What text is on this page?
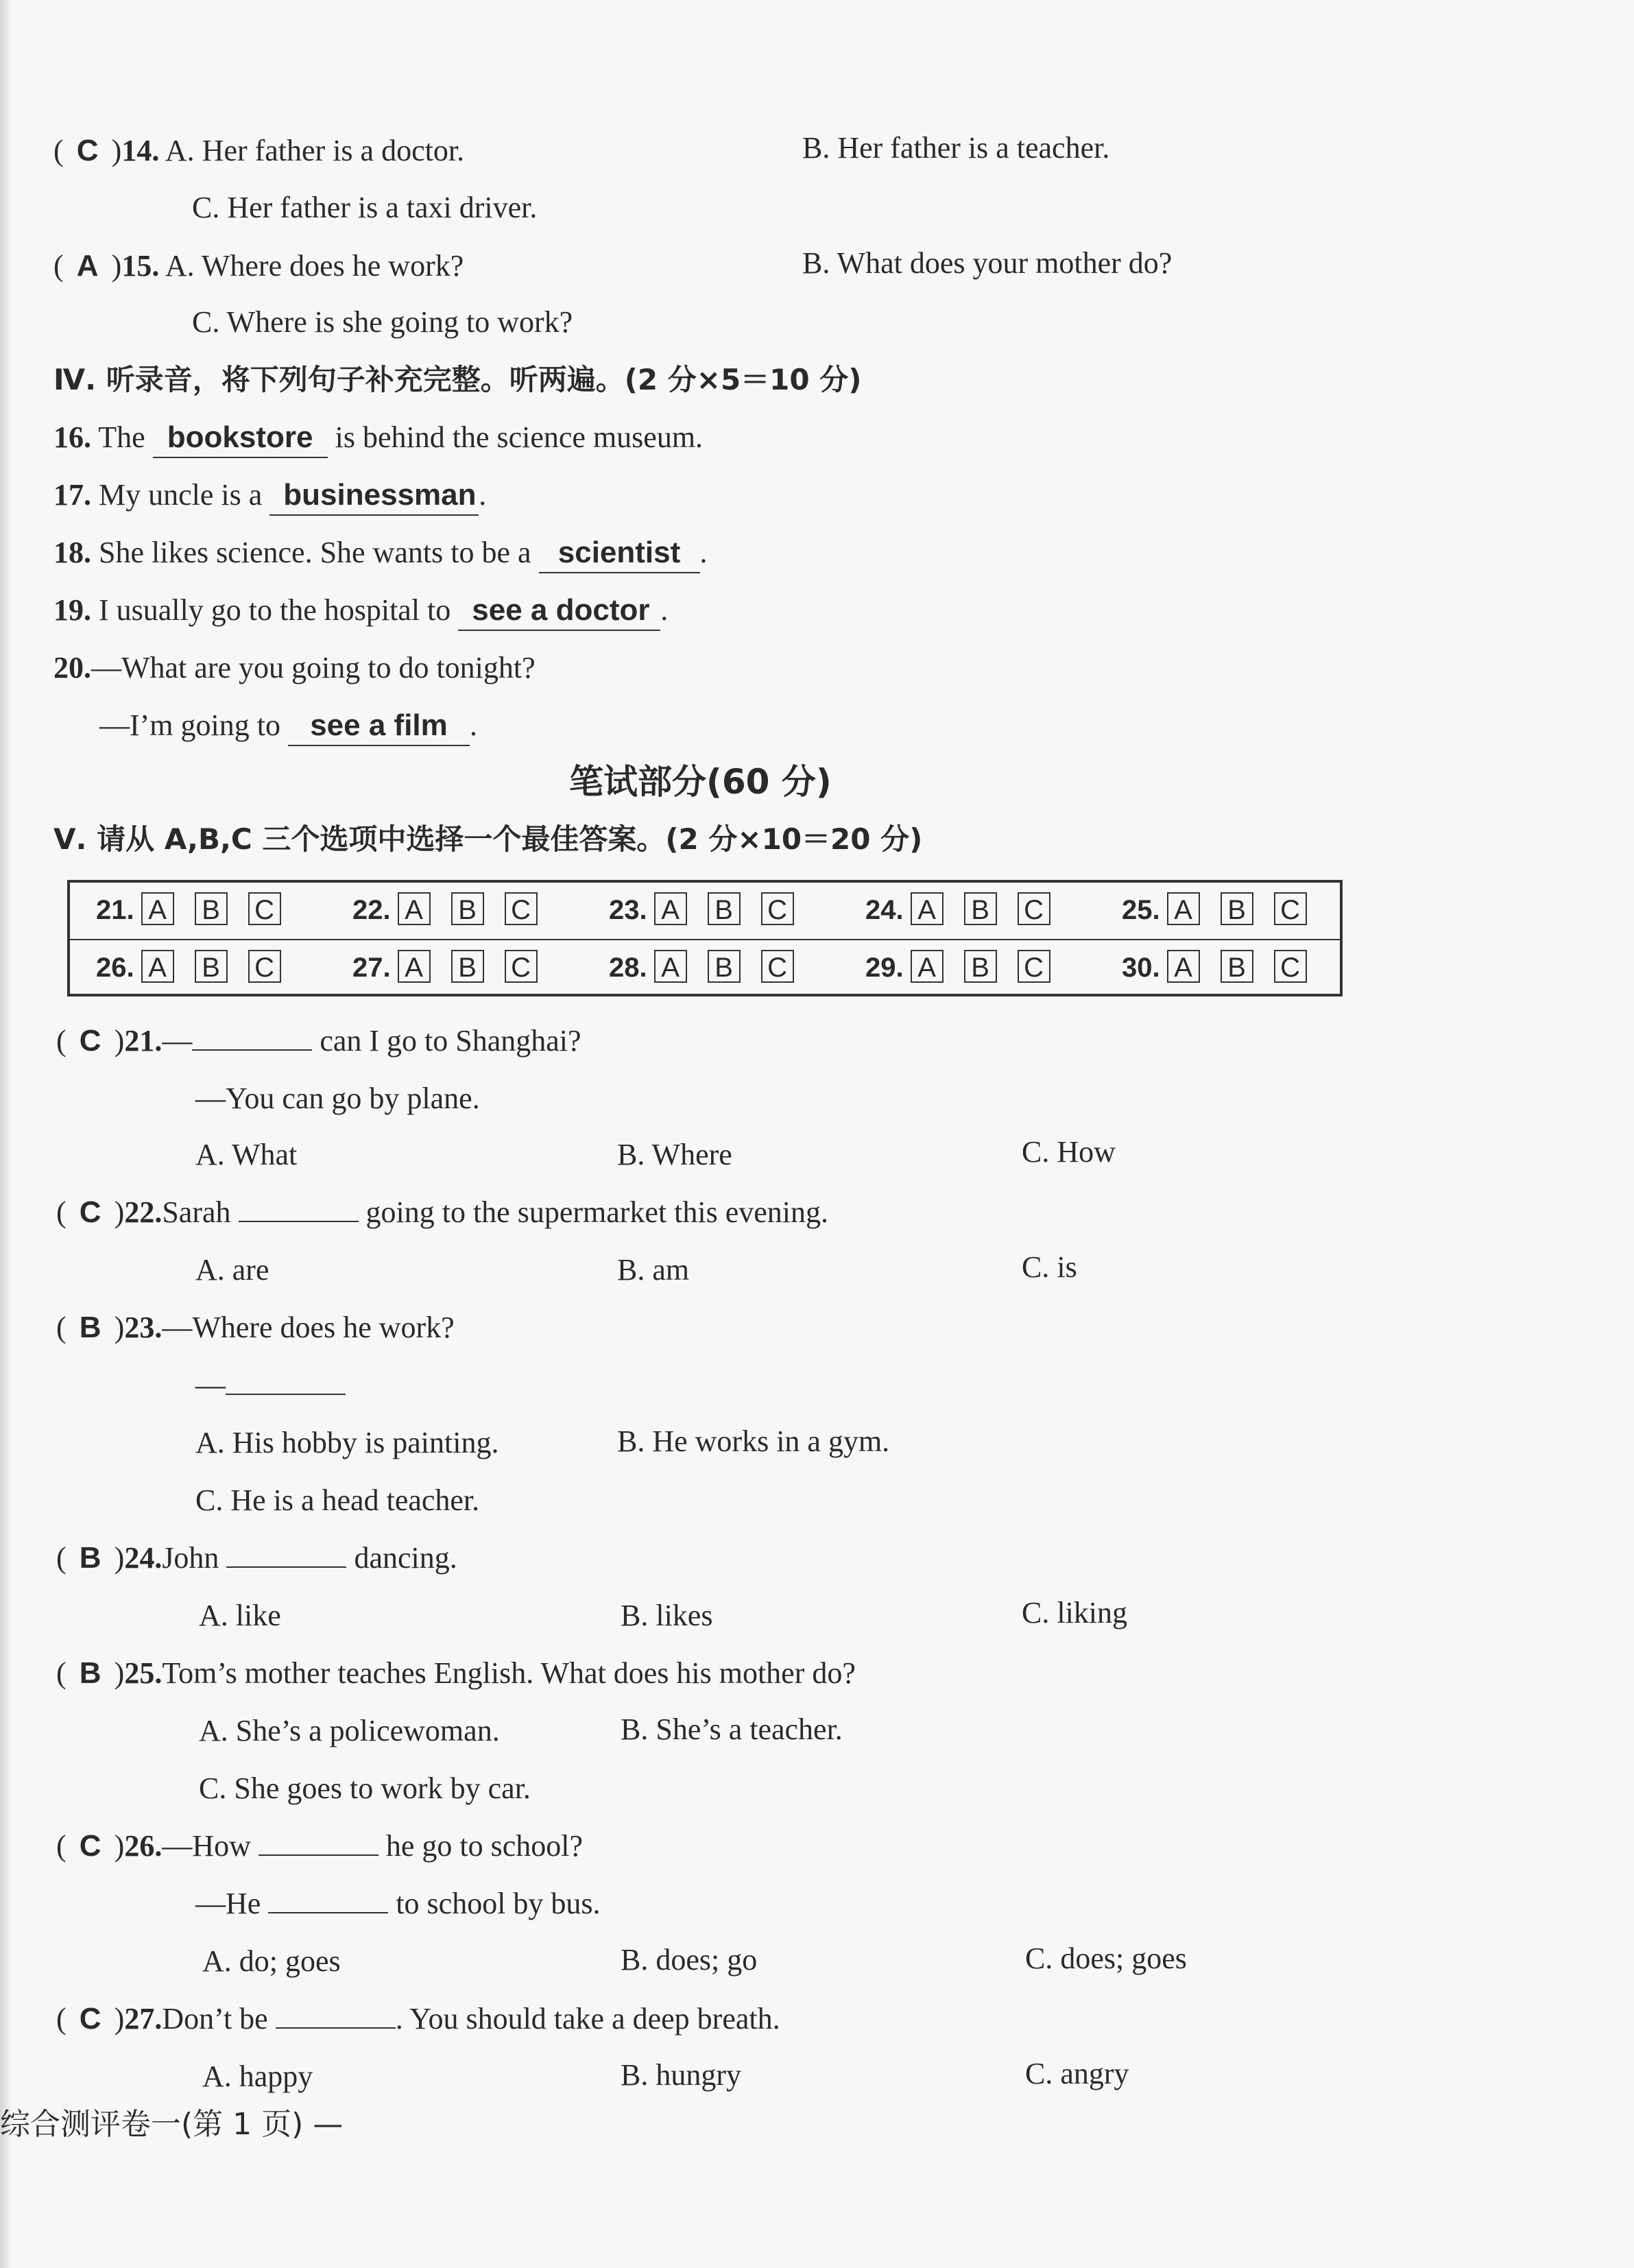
( C )14. A. Her father is a doctor.	B. Her father is a teacher.
C. Her father is a taxi driver.
( A )15. A. Where does he work?	B. What does your mother do?
C. Where is she going to work?
Ⅳ. 听录音，将下列句子补充完整。听两遍。(2 分×5＝10 分)
16. The bookstore is behind the science museum.
17. My uncle is a businessman.
18. She likes science. She wants to be a scientist .
19. I usually go to the hospital to see a doctor .
20.—What are you going to do tonight?
—I’m going to see a film .
笔试部分(60 分)
Ⅴ. 请从 A,B,C 三个选项中选择一个最佳答案。(2 分×10＝20 分)
21. A B C	22. A B C	23. A B C	24. A B C	25. A B C
26. A B C	27. A B C	28. A B C	29. A B C	30. A B C
( C )21.—	can I go to Shanghai?
—You can go by plane.
A. What	B. Where	C. How
( C )22.Sarah	going to the supermarket this evening.
A. are	B. am	C. is
( B )23.—Where does he work?
—
A. His hobby is painting.	B. He works in a gym.
C. He is a head teacher.
( B )24.John	dancing.
A. like	B. likes	C. liking
( B )25.Tom’s mother teaches English. What does his mother do?
A. She’s a policewoman.	B. She’s a teacher.
C. She goes to work by car.
( C )26.—How	he go to school?
—He	to school by bus.
A. do; goes	B. does; go	C. does; goes
( C )27.Don’t be	. You should take a deep breath.
A. happy	B. hungry	C. angry
综合测评卷一(第 1 页) —
